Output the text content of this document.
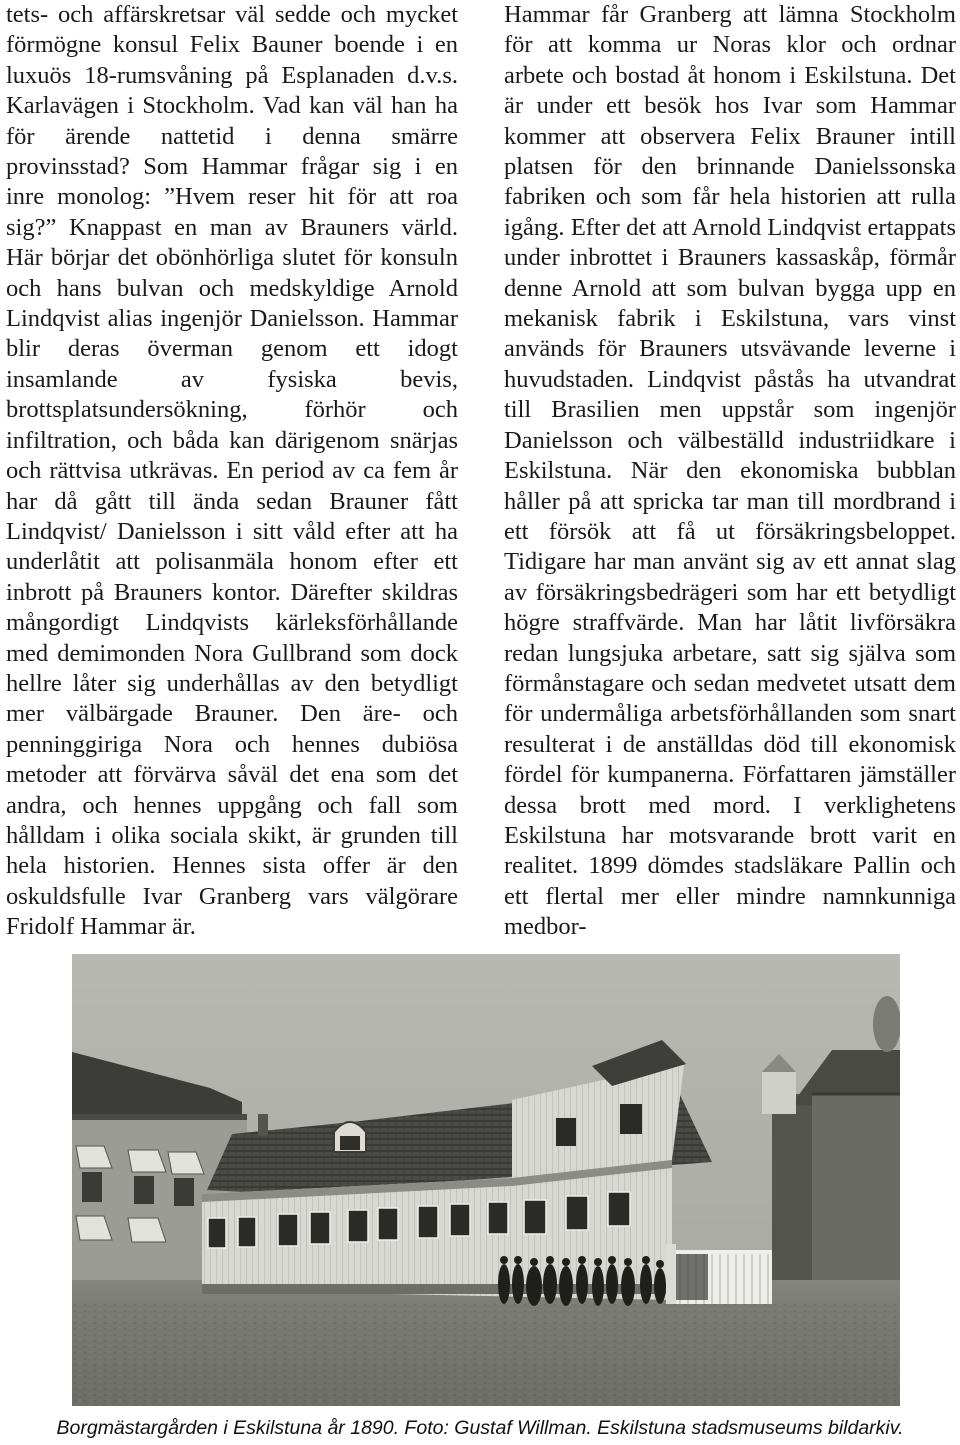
tets- och affärskretsar väl sedde och mycket förmögne konsul Felix Bauner boende i en luxuös 18-rumsvåning på Esplanaden d.v.s. Karlavägen i Stockholm. Vad kan väl han ha för ärende nattetid i denna smärre provinsstad? Som Hammar frågar sig i en inre monolog: ”Hvem reser hit för att roa sig?” Knappast en man av Brauners värld. Här börjar det obönhörliga slutet för konsuln och hans bulvan och medskyldige Arnold Lindqvist alias ingenjör Danielsson. Hammar blir deras överman genom ett idogt insamlande av fysiska bevis, brottsplatsundersökning, förhör och infiltration, och båda kan därigenom snärjas och rättvisa utkrävas. En period av ca fem år har då gått till ända sedan Brauner fått Lindqvist/ Danielsson i sitt våld efter att ha underlåtit att polisanmäla honom efter ett inbrott på Brauners kontor. Därefter skildras mångordigt Lindqvists kärleksförhållande med demimonden Nora Gullbrand som dock hellre låter sig underhållas av den betydligt mer välbärgade Brauner. Den äre- och penninggiriga Nora och hennes dubiösa metoder att förvärva såväl det ena som det andra, och hennes uppgång och fall som hålldam i olika sociala skikt, är grunden till hela historien. Hennes sista offer är den oskuldsfulle Ivar Granberg vars välgörare Fridolf Hammar är.

Hammar får Granberg att lämna Stockholm för att komma ur Noras klor och ordnar arbete och bostad åt honom i Eskilstuna. Det är under ett besök hos Ivar som Hammar kommer att observera Felix Brauner intill platsen för den brinnande Danielssonska fabriken och som får hela historien att rulla igång. Efter det att Arnold Lindqvist ertappats under inbrottet i Brauners kassaskåp, förmår denne Arnold att som bulvan bygga upp en mekanisk fabrik i Eskilstuna, vars vinst används för Brauners utsvävande leverne i huvudstaden. Lindqvist påstås ha utvandrat till Brasilien men uppstår som ingenjör Danielsson och välbeställd industriidkare i Eskilstuna. När den ekonomiska bubblan håller på att spricka tar man till mordbrand i ett försök att få ut försäkringsbeloppet. Tidigare har man använt sig av ett annat slag av försäkringsbedrägeri som har ett betydligt högre straffvärde. Man har låtit livförsäkra redan lungsjuka arbetare, satt sig själva som förmånstagare och sedan medvetet utsatt dem för undermåliga arbetsförhållanden som snart resulterat i de anställdas död till ekonomisk fördel för kumpanerna. Författaren jämställer dessa brott med mord. I verklighetens Eskilstuna har motsvarande brott varit en realitet. 1899 dömdes stadsläkare Pallin och ett flertal mer eller mindre namnkunniga medbor-

Borgmästargården i Eskilstuna år 1890. Foto: Gustaf Willman. Eskilstuna stadsmuseums bildarkiv.
